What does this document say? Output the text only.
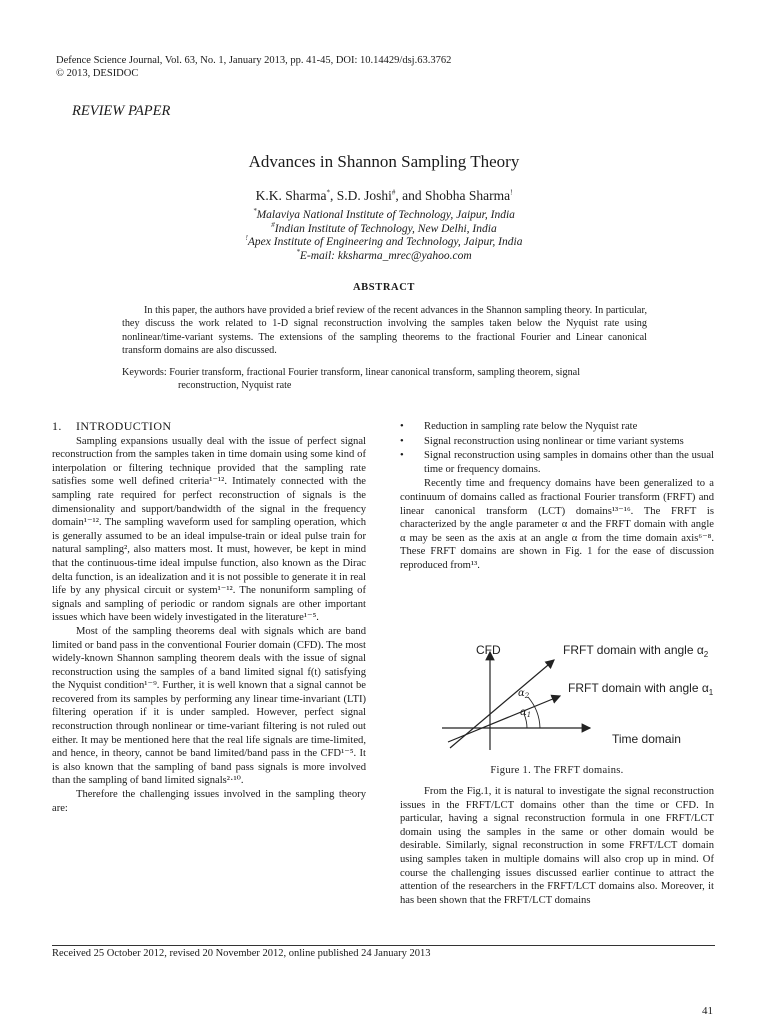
Defence Science Journal, Vol. 63, No. 1, January 2013, pp. 41-45, DOI: 10.14429/dsj.63.3762
© 2013, DESIDOC
REVIEW PAPER
Advances in Shannon Sampling Theory
K.K. Sharma*, S.D. Joshi#, and Shobha Sharma!
*Malaviya National Institute of Technology, Jaipur, India
#Indian Institute of Technology, New Delhi, India
!Apex Institute of Engineering and Technology, Jaipur, India
*E-mail: kksharma_mrec@yahoo.com
ABSTRACT
In this paper, the authors have provided a brief review of the recent advances in the Shannon sampling theory. In particular, they discuss the work related to 1-D signal reconstruction involving the samples taken below the Nyquist rate using nonlinear/time-variant systems. The extensions of the sampling theorems to the fractional Fourier and Linear canonical transform domains are also discussed.
Keywords: Fourier transform, fractional Fourier transform, linear canonical transform, sampling theorem, signal
reconstruction, Nyquist rate
1. INTRODUCTION

Sampling expansions usually deal with the issue of perfect signal reconstruction from the samples taken in time domain using some kind of interpolation or filtering technique provided that the sampling rate satisfies some well defined criteria¹⁻¹². Intimately connected with the sampling rate required for perfect reconstruction of signals is the dimensionality and support/bandwidth of the signal in the frequency domain¹⁻¹². The sampling waveform used for sampling operation, which is generally assumed to be an ideal impulse-train or ideal pulse train for natural sampling², also matters most. It must, however, be kept in mind that the continuous-time ideal impulse function, also known as the Dirac delta function, is an idealization and it is not possible to generate it in real life by any physical circuit or system¹⁻¹². The nonuniform sampling of signals and sampling of periodic or random signals are other important issues which have been widely investigated in the literature¹⁻⁵.

Most of the sampling theorems deal with signals which are band limited or band pass in the conventional Fourier domain (CFD). The most widely-known Shannon sampling theorem deals with the issue of signal reconstruction using the samples of a band limited signal f(t) satisfying the Nyquist condition¹⁻⁹. Further, it is well known that a signal cannot be recovered from its samples by performing any linear time-invariant (LTI) filtering operation if it is under sampled. However, perfect signal reconstruction through nonlinear or time-variant filtering is not ruled out either. It may be mentioned here that the real life signals are time-limited, and hence, in theory, cannot be band limited/band pass in the CFD¹⁻⁵. It is also known that the sampling of band pass signals is more involved than the sampling of band limited signals²·¹⁰.

Therefore the challenging issues involved in the sampling theory are:

• Reduction in sampling rate below the Nyquist rate
• Signal reconstruction using nonlinear or time variant systems
• Signal reconstruction using samples in domains other than the usual time or frequency domains.

Recently time and frequency domains have been generalized to a continuum of domains called as fractional Fourier transform (FRFT) and linear canonical transform (LCT) domains¹³⁻¹⁶. The FRFT is characterized by the angle parameter α and the FRFT domain with angle α may be seen as the axis at an angle α from the time domain axis⁶⁻⁸. These FRFT domains are shown in Fig. 1 for the ease of discussion reproduced from¹³.

CFD	FRFT domain with angle $\alpha_2$
FRFT domain with angle $\alpha_1$
Time domain
$\alpha_2$
$\alpha_1$
Figure 1. The FRFT domains.

From the Fig.1, it is natural to investigate the signal reconstruction issues in the FRFT/LCT domains other than the time or CFD. In particular, having a signal reconstruction formula in one FRFT/LCT domain using the samples in the same or other domain would be desirable. Similarly, signal reconstruction in some FRFT/LCT domain using samples taken in multiple domains will also crop up in mind. Of course the challenging issues discussed earlier continue to attract the attention of the researchers in the FRFT/LCT domains also. Moreover, it has been shown that the FRFT/LCT domains

Received 25 October 2012, revised 20 November 2012, online published 24 January 2013
41
